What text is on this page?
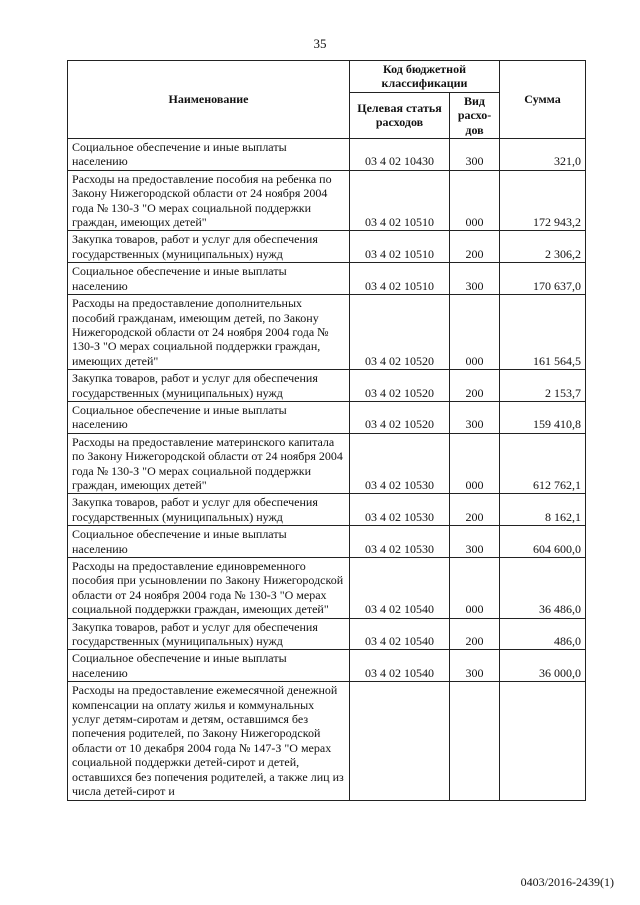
35
Наименование	Код бюджетной классификации		Сумма
	Целевая статья расходов	Вид расхо-дов	
Социальное обеспечение и иные выплаты населению	03 4 02 10430	300	321,0
Расходы на предоставление пособия на ребенка по Закону Нижегородской области от 24 ноября 2004 года № 130-З "О мерах социальной поддержки граждан, имеющих детей"	03 4 02 10510	000	172 943,2
Закупка товаров, работ и услуг для обеспечения государственных (муниципальных) нужд	03 4 02 10510	200	2 306,2
Социальное обеспечение и иные выплаты населению	03 4 02 10510	300	170 637,0
Расходы на предоставление дополнительных пособий гражданам, имеющим детей, по Закону Нижегородской области от 24 ноября 2004 года № 130-З "О мерах социальной поддержки граждан, имеющих детей"	03 4 02 10520	000	161 564,5
Закупка товаров, работ и услуг для обеспечения государственных (муниципальных) нужд	03 4 02 10520	200	2 153,7
Социальное обеспечение и иные выплаты населению	03 4 02 10520	300	159 410,8
Расходы на предоставление материнского капитала по Закону Нижегородской области от 24 ноября 2004 года № 130-З "О мерах социальной поддержки граждан, имеющих детей"	03 4 02 10530	000	612 762,1
Закупка товаров, работ и услуг для обеспечения государственных (муниципальных) нужд	03 4 02 10530	200	8 162,1
Социальное обеспечение и иные выплаты населению	03 4 02 10530	300	604 600,0
Расходы на предоставление единовременного пособия при усыновлении по Закону Нижегородской области от 24 ноября 2004 года № 130-З "О мерах социальной поддержки граждан, имеющих детей"	03 4 02 10540	000	36 486,0
Закупка товаров, работ и услуг для обеспечения государственных (муниципальных) нужд	03 4 02 10540	200	486,0
Социальное обеспечение и иные выплаты населению	03 4 02 10540	300	36 000,0
Расходы на предоставление ежемесячной денежной компенсации на оплату жилья и коммунальных услуг детям-сиротам и детям, оставшимся без попечения родителей, по Закону Нижегородской области от 10 декабря 2004 года № 147-З "О мерах социальной поддержки детей-сирот и детей, оставшихся без попечения родителей, а также лиц из числа детей-сирот и			
0403/2016-2439(1)
